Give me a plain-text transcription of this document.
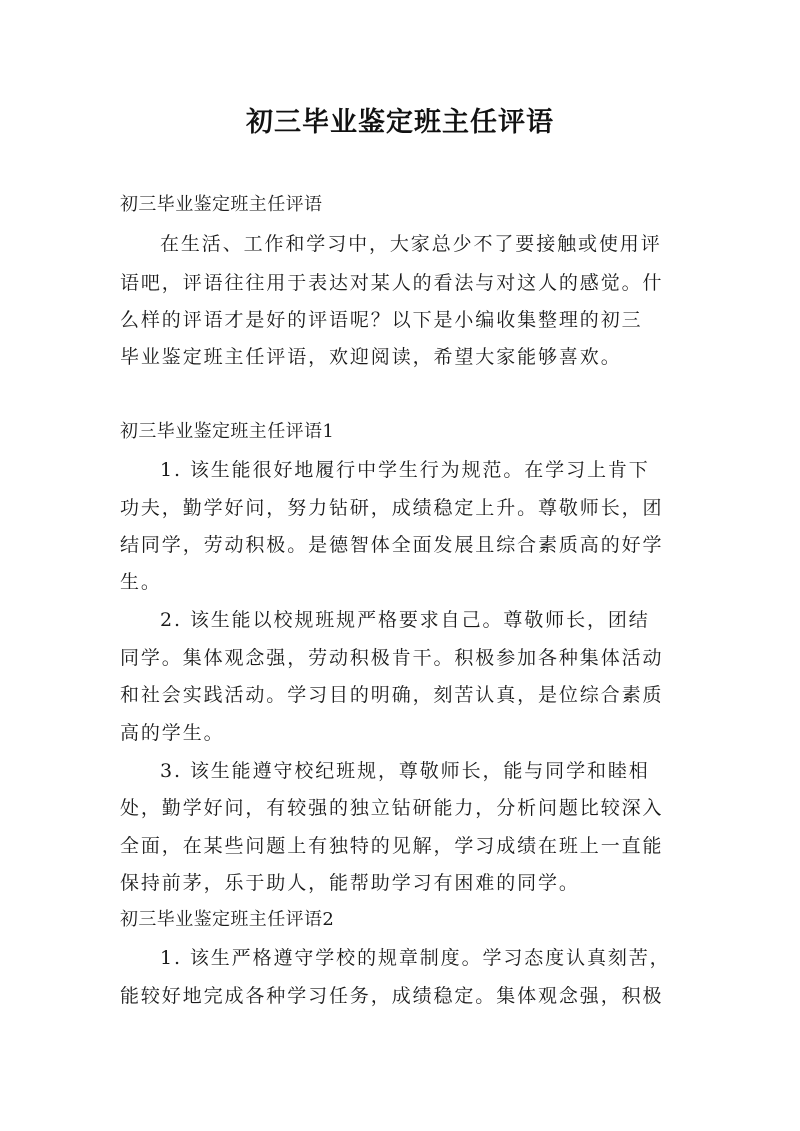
初三毕业鉴定班主任评语
初三毕业鉴定班主任评语
在生活、工作和学习中，大家总少不了要接触或使用评
语吧，评语往往用于表达对某人的看法与对这人的感觉。什
么样的评语才是好的评语呢？以下是小编收集整理的初三
毕业鉴定班主任评语，欢迎阅读，希望大家能够喜欢。
初三毕业鉴定班主任评语1
1. 该生能很好地履行中学生行为规范。在学习上肯下
功夫，勤学好问，努力钻研，成绩稳定上升。尊敬师长，团
结同学，劳动积极。是德智体全面发展且综合素质高的好学
生。
2. 该生能以校规班规严格要求自己。尊敬师长，团结
同学。集体观念强，劳动积极肯干。积极参加各种集体活动
和社会实践活动。学习目的明确，刻苦认真，是位综合素质
高的学生。
3. 该生能遵守校纪班规，尊敬师长，能与同学和睦相
处，勤学好问，有较强的独立钻研能力，分析问题比较深入
全面，在某些问题上有独特的见解，学习成绩在班上一直能
保持前茅，乐于助人，能帮助学习有困难的同学。
初三毕业鉴定班主任评语2
1. 该生严格遵守学校的规章制度。学习态度认真刻苦，
能较好地完成各种学习任务，成绩稳定。集体观念强，积极
